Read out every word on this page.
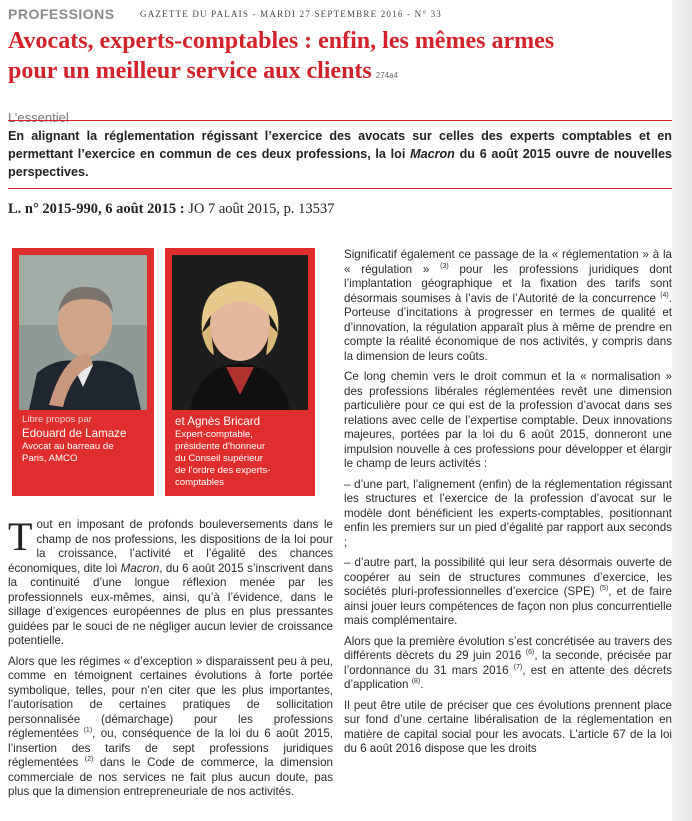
PROFESSIONS	GAZETTE DU PALAIS - MARDI 27 SEPTEMBRE 2016 - N° 33
Avocats, experts-comptables : enfin, les mêmes armes
pour un meilleur service aux clients 274a4
L’essentiel
En alignant la réglementation régissant l’exercice des avocats sur celles des experts comptables et en permettant l’exercice en commun de ces deux professions, la loi Macron du 6 août 2015 ouvre de nouvelles perspectives.
L. n° 2015-990, 6 août 2015 : JO 7 août 2015, p. 13537
Libre propos par
Edouard de Lamaze
Avocat au barreau de
Paris, AMCO
et Agnès Bricard
Expert-comptable,
présidente d’honneur
du Conseil supérieur
de l’ordre des experts-
comptables

Tout en imposant de profonds bouleversements dans le champ de nos professions, les dispositions de la loi pour la croissance, l’activité et l’égalité des chances économiques, dite loi Macron, du 6 août 2015 s’inscrivent dans la continuité d’une longue réflexion menée par les professionnels eux-mêmes, ainsi, qu’à l’évidence, dans le sillage d’exigences européennes de plus en plus pressantes guidées par le souci de ne négliger aucun levier de croissance potentielle.

Alors que les régimes « d’exception » disparaissent peu à peu, comme en témoignent certaines évolutions à forte portée symbolique, telles, pour n’en citer que les plus importantes, l’autorisation de certaines pratiques de sollicitation personnalisée (démarchage) pour les professions réglementées $^{(1)}$, ou, conséquence de la loi du 6 août 2015, l’insertion des tarifs de sept professions juridiques réglementées $^{(2)}$ dans le Code de commerce, la dimension commerciale de nos services ne fait plus aucun doute, pas plus que la dimension entrepreneuriale de nos activités.

Significatif également ce passage de la « réglementation » à la « régulation » $^{(3)}$ pour les professions juridiques dont l’implantation géographique et la fixation des tarifs sont désormais soumises à l’avis de l’Autorité de la concurrence $^{(4)}$. Porteuse d’incitations à progresser en termes de qualité et d’innovation, la régulation apparaît plus à même de prendre en compte la réalité économique de nos activités, y compris dans la dimension de leurs coûts.

Ce long chemin vers le droit commun et la « normalisation » des professions libérales réglementées revêt une dimension particulière pour ce qui est de la profession d’avocat dans ses relations avec celle de l’expertise comptable. Deux innovations majeures, portées par la loi du 6 août 2015, donneront une impulsion nouvelle à ces professions pour développer et élargir le champ de leurs activités :

– d’une part, l’alignement (enfin) de la réglementation régissant les structures et l’exercice de la profession d’avocat sur le modèle dont bénéficient les experts-comptables, positionnant enfin les premiers sur un pied d’égalité par rapport aux seconds ;

– d’autre part, la possibilité qui leur sera désormais ouverte de coopérer au sein de structures communes d’exercice, les sociétés pluri-professionnelles d’exercice (SPE) $^{(5)}$, et de faire ainsi jouer leurs compétences de façon non plus concurrentielle mais complémentaire.

Alors que la première évolution s’est concrétisée au travers des différents décrets du 29 juin 2016 $^{(6)}$, la seconde, précisée par l’ordonnance du 31 mars 2016 $^{(7)}$, est en attente des décrets d’application $^{(8)}$.

Il peut être utile de préciser que ces évolutions prennent place sur fond d’une certaine libéralisation de la réglementation en matière de capital social pour les avocats. L’article 67 de la loi du 6 août 2016 dispose que les droits
